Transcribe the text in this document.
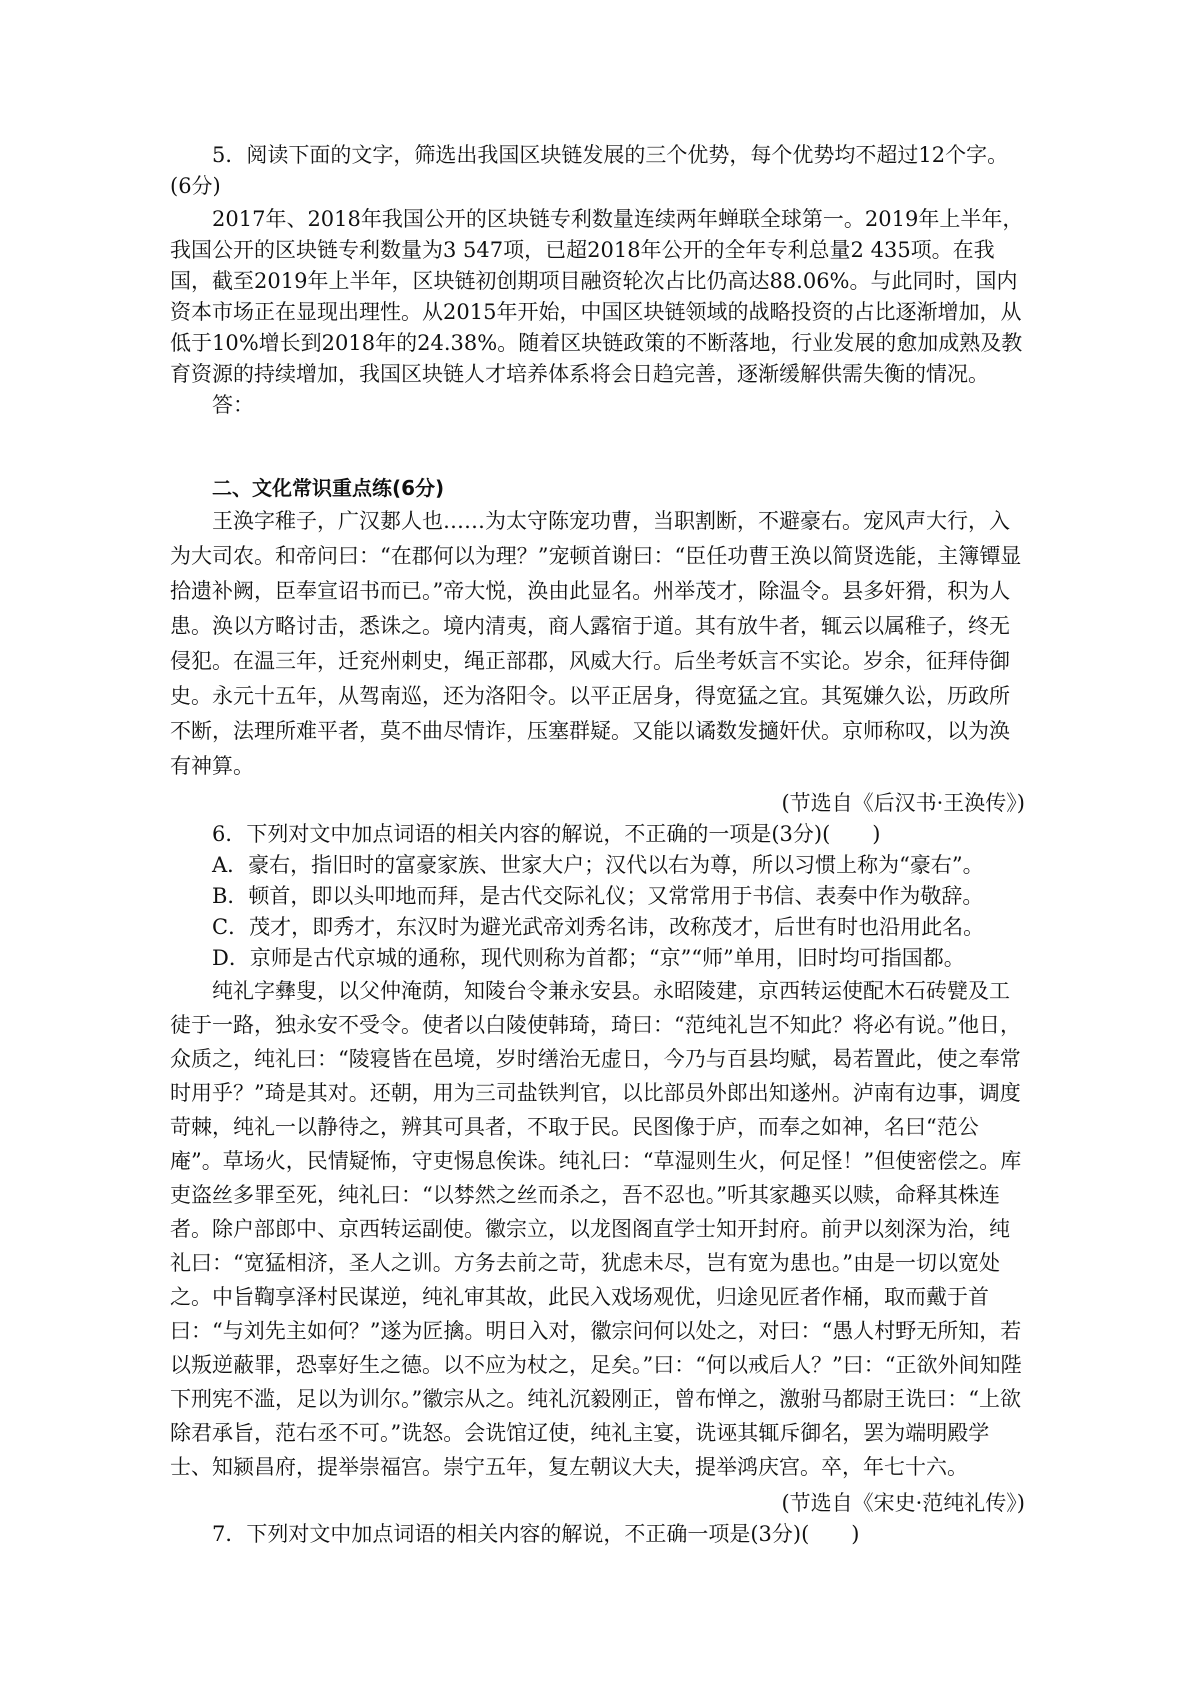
5．阅读下面的文字，筛选出我国区块链发展的三个优势，每个优势均不超过12个字。(6分)

2017年、2018年我国公开的区块链专利数量连续两年蝉联全球第一。2019年上半年，我国公开的区块链专利数量为3 547项，已超2018年公开的全年专利总量2 435项。在我国，截至2019年上半年，区块链初创期项目融资轮次占比仍高达88.06%。与此同时，国内资本市场正在显现出理性。从2015年开始，中国区块链领域的战略投资的占比逐渐增加，从低于10%增长到2018年的24.38%。随着区块链政策的不断落地，行业发展的愈加成熟及教育资源的持续增加，我国区块链人才培养体系将会日趋完善，逐渐缓解供需失衡的情况。

答：

二、文化常识重点练(6分)

王涣字稚子，广汉郪人也……为太守陈宠功曹，当职割断，不避豪右。宠风声大行，入为大司农。和帝问曰：“在郡何以为理？”宠顿首谢曰：“臣任功曹王涣以简贤选能，主簿镡显拾遗补阙，臣奉宣诏书而已。”帝大悦，涣由此显名。州举茂才，除温令。县多奸猾，积为人患。涣以方略讨击，悉诛之。境内清夷，商人露宿于道。其有放牛者，辄云以属稚子，终无侵犯。在温三年，迁兖州刺史，绳正部郡，风威大行。后坐考妖言不实论。岁余，征拜侍御史。永元十五年，从驾南巡，还为洛阳令。以平正居身，得宽猛之宜。其冤嫌久讼，历政所不断，法理所难平者，莫不曲尽情诈，压塞群疑。又能以谲数发擿奸伏。京师称叹，以为涣有神算。

(节选自《后汉书·王涣传》)

6．下列对文中加点词语的相关内容的解说，不正确的一项是(3分)(　　)

A．豪右，指旧时的富豪家族、世家大户；汉代以右为尊，所以习惯上称为“豪右”。

B．顿首，即以头叩地而拜，是古代交际礼仪；又常常用于书信、表奏中作为敬辞。

C．茂才，即秀才，东汉时为避光武帝刘秀名讳，改称茂才，后世有时也沿用此名。

D．京师是古代京城的通称，现代则称为首都；“京”“师”单用，旧时均可指国都。

纯礼字彝叟，以父仲淹荫，知陵台令兼永安县。永昭陵建，京西转运使配木石砖甓及工徒于一路，独永安不受令。使者以白陵使韩琦，琦曰：“范纯礼岂不知此？将必有说。”他日，众质之，纯礼曰：“陵寝皆在邑境，岁时缮治无虚日，今乃与百县均赋，曷若置此，使之奉常时用乎？”琦是其对。还朝，用为三司盐铁判官，以比部员外郎出知遂州。泸南有边事，调度苛棘，纯礼一以静待之，辨其可具者，不取于民。民图像于庐，而奉之如神，名曰“范公庵”。草场火，民情疑怖，守吏惕息俟诛。纯礼曰：“草湿则生火，何足怪！”但使密偿之。库吏盗丝多罪至死，纯礼曰：“以棼然之丝而杀之，吾不忍也。”听其家趣买以赎，命释其株连者。除户部郎中、京西转运副使。徽宗立，以龙图阁直学士知开封府。前尹以刻深为治，纯礼曰：“宽猛相济，圣人之训。方务去前之苛，犹虑未尽，岂有宽为患也。”由是一切以宽处之。中旨鞫享泽村民谋逆，纯礼审其故，此民入戏场观优，归途见匠者作桶，取而戴于首曰：“与刘先主如何？”遂为匠擒。明日入对，徽宗问何以处之，对曰：“愚人村野无所知，若以叛逆蔽罪，恐辜好生之德。以不应为杖之，足矣。”曰：“何以戒后人？”曰：“正欲外间知陛下刑宪不滥，足以为训尔。”徽宗从之。纯礼沉毅刚正，曾布惮之，激驸马都尉王诜曰：“上欲除君承旨，范右丞不可。”诜怒。会诜馆辽使，纯礼主宴，诜诬其辄斥御名，罢为端明殿学士、知颍昌府，提举崇福宫。崇宁五年，复左朝议大夫，提举鸿庆宫。卒，年七十六。

(节选自《宋史·范纯礼传》)

7．下列对文中加点词语的相关内容的解说，不正确一项是(3分)(　　)
